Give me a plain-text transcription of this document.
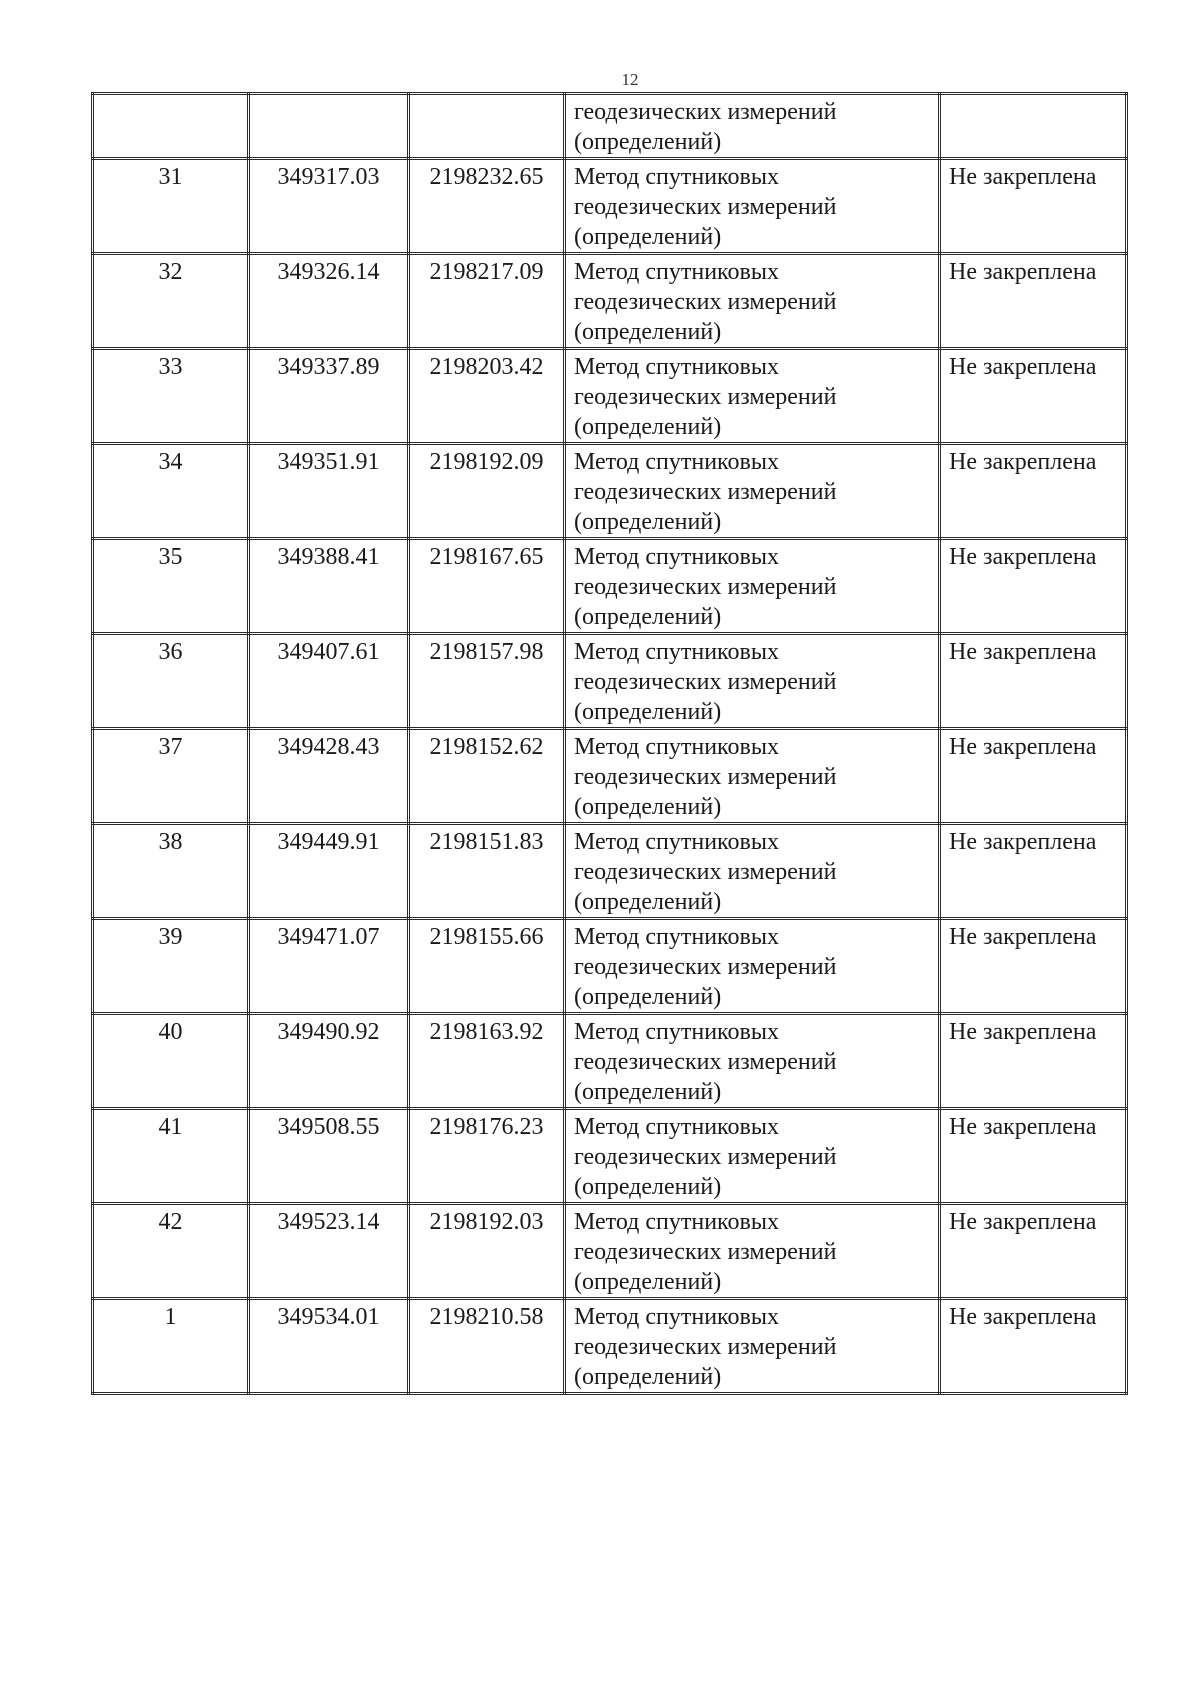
12

			геодезических измерений
(определений)	

31	349317.03	2198232.65	Метод спутниковых
геодезических измерений
(определений)	Не закреплена
32	349326.14	2198217.09	Метод спутниковых
геодезических измерений
(определений)	Не закреплена
33	349337.89	2198203.42	Метод спутниковых
геодезических измерений
(определений)	Не закреплена
34	349351.91	2198192.09	Метод спутниковых
геодезических измерений
(определений)	Не закреплена
35	349388.41	2198167.65	Метод спутниковых
геодезических измерений
(определений)	Не закреплена
36	349407.61	2198157.98	Метод спутниковых
геодезических измерений
(определений)	Не закреплена
37	349428.43	2198152.62	Метод спутниковых
геодезических измерений
(определений)	Не закреплена
38	349449.91	2198151.83	Метод спутниковых
геодезических измерений
(определений)	Не закреплена
39	349471.07	2198155.66	Метод спутниковых
геодезических измерений
(определений)	Не закреплена
40	349490.92	2198163.92	Метод спутниковых
геодезических измерений
(определений)	Не закреплена
41	349508.55	2198176.23	Метод спутниковых
геодезических измерений
(определений)	Не закреплена
42	349523.14	2198192.03	Метод спутниковых
геодезических измерений
(определений)	Не закреплена
1	349534.01	2198210.58	Метод спутниковых
геодезических измерений
(определений)	Не закреплена
